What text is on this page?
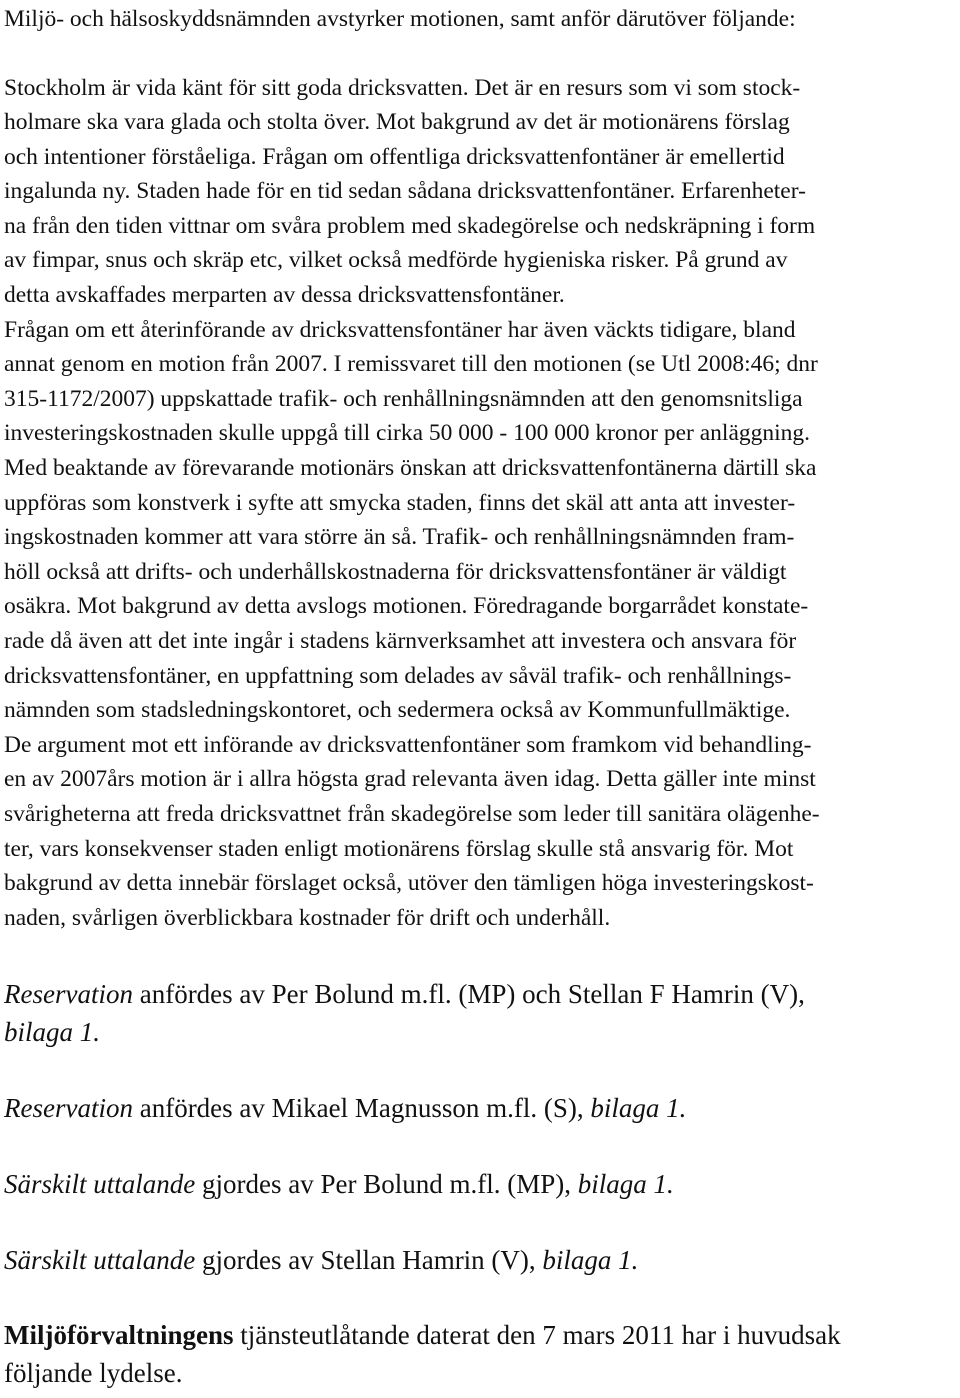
Miljö- och hälsoskyddsnämnden avstyrker motionen, samt anför därutöver följande:

Stockholm är vida känt för sitt goda dricksvatten. Det är en resurs som vi som stock-
holmare ska vara glada och stolta över. Mot bakgrund av det är motionärens förslag
och intentioner förståeliga. Frågan om offentliga dricksvattenfontäner är emellertid
ingalunda ny. Staden hade för en tid sedan sådana dricksvattenfontäner. Erfarenheter-
na från den tiden vittnar om svåra problem med skadegörelse och nedskräpning i form
av fimpar, snus och skräp etc, vilket också medförde hygieniska risker. På grund av
detta avskaffades merparten av dessa dricksvattensfontäner.
Frågan om ett återinförande av dricksvattensfontäner har även väckts tidigare, bland
annat genom en motion från 2007. I remissvaret till den motionen (se Utl 2008:46; dnr
315-1172/2007) uppskattade trafik- och renhållningsnämnden att den genomsnitsliga
investeringskostnaden skulle uppgå till cirka 50 000 - 100 000 kronor per anläggning.
Med beaktande av förevarande motionärs önskan att dricksvattenfontänerna därtill ska
uppföras som konstverk i syfte att smycka staden, finns det skäl att anta att invester-
ingskostnaden kommer att vara större än så. Trafik- och renhållningsnämnden fram-
höll också att drifts- och underhållskostnaderna för dricksvattensfontäner är väldigt
osäkra. Mot bakgrund av detta avslogs motionen. Föredragande borgarrådet konstate-
rade då även att det inte ingår i stadens kärnverksamhet att investera och ansvara för
dricksvattensfontäner, en uppfattning som delades av såväl trafik- och renhållnings-
nämnden som stadsledningskontoret, och sedermera också av Kommunfullmäktige.
De argument mot ett införande av dricksvattenfontäner som framkom vid behandling-
en av 2007års motion är i allra högsta grad relevanta även idag. Detta gäller inte minst
svårigheterna att freda dricksvattnet från skadegörelse som leder till sanitära olägenhe-
ter, vars konsekvenser staden enligt motionärens förslag skulle stå ansvarig för. Mot
bakgrund av detta innebär förslaget också, utöver den tämligen höga investeringskost-
naden, svårligen överblickbara kostnader för drift och underhåll.

Reservation anfördes av Per Bolund m.fl. (MP) och Stellan F Hamrin (V),
bilaga 1.

Reservation anfördes av Mikael Magnusson m.fl. (S), bilaga 1.

Särskilt uttalande gjordes av Per Bolund m.fl. (MP), bilaga 1.

Särskilt uttalande gjordes av Stellan Hamrin (V), bilaga 1.

Miljöförvaltningens tjänsteutlåtande daterat den 7 mars 2011 har i huvudsak
följande lydelse.
